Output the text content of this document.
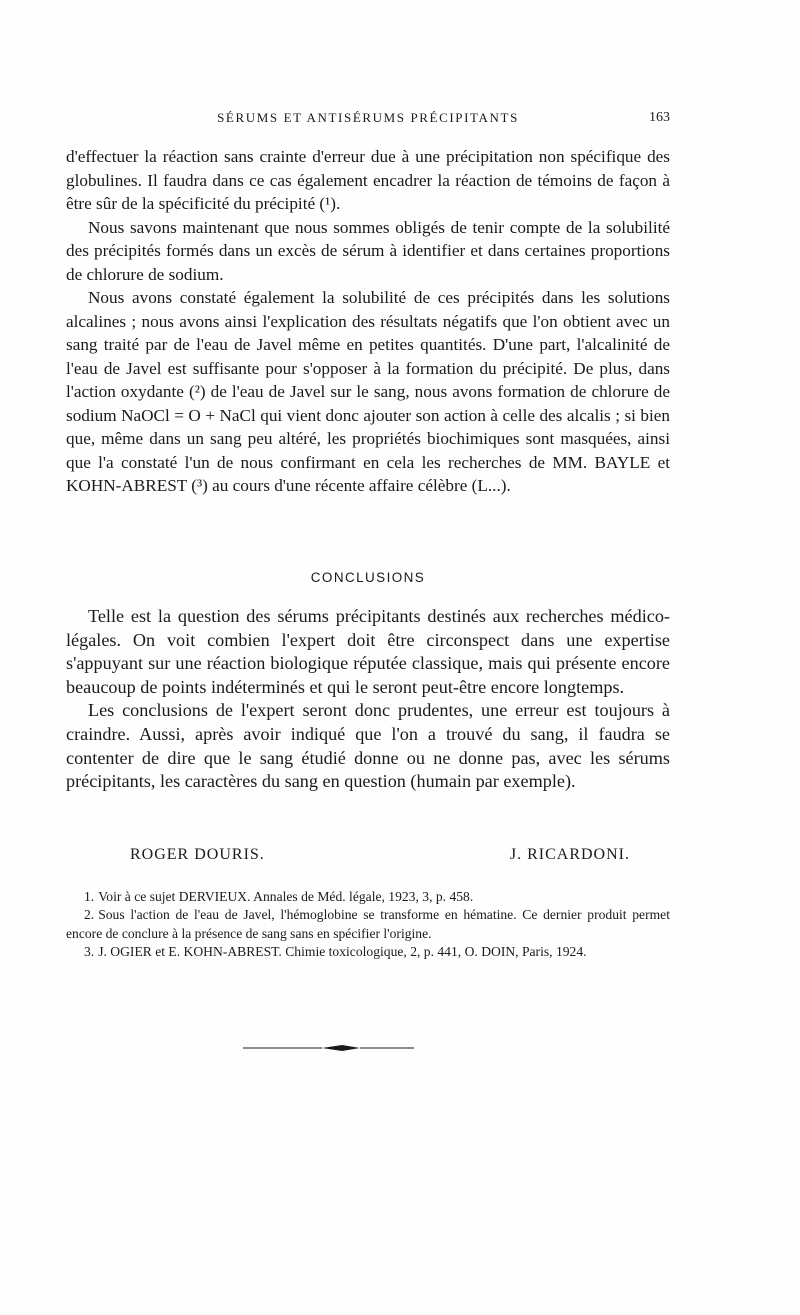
SÉRUMS ET ANTISÉRUMS PRÉCIPITANTS	163

d'effectuer la réaction sans crainte d'erreur due à une précipitation non spécifique des globulines. Il faudra dans ce cas également encadrer la réaction de témoins de façon à être sûr de la spécificité du précipité (¹).

Nous savons maintenant que nous sommes obligés de tenir compte de la solubilité des précipités formés dans un excès de sérum à identifier et dans certaines proportions de chlorure de sodium.

Nous avons constaté également la solubilité de ces précipités dans les solutions alcalines ; nous avons ainsi l'explication des résultats négatifs que l'on obtient avec un sang traité par de l'eau de Javel même en petites quantités. D'une part, l'alcalinité de l'eau de Javel est suffisante pour s'opposer à la formation du précipité. De plus, dans l'action oxydante (²) de l'eau de Javel sur le sang, nous avons formation de chlorure de sodium NaOCl = O + NaCl qui vient donc ajouter son action à celle des alcalis ; si bien que, même dans un sang peu altéré, les propriétés biochimiques sont masquées, ainsi que l'a constaté l'un de nous confirmant en cela les recherches de MM. BAYLE et KOHN-ABREST (³) au cours d'une récente affaire célèbre (L...).

CONCLUSIONS

Telle est la question des sérums précipitants destinés aux recherches médico-légales. On voit combien l'expert doit être circonspect dans une expertise s'appuyant sur une réaction biologique réputée classique, mais qui présente encore beaucoup de points indéterminés et qui le seront peut-être encore longtemps.

Les conclusions de l'expert seront donc prudentes, une erreur est toujours à craindre. Aussi, après avoir indiqué que l'on a trouvé du sang, il faudra se contenter de dire que le sang étudié donne ou ne donne pas, avec les sérums précipitants, les caractères du sang en question (humain par exemple).

ROGER DOURIS.	J. RICARDONI.

1. Voir à ce sujet DERVIEUX. Annales de Méd. légale, 1923, 3, p. 458.

2. Sous l'action de l'eau de Javel, l'hémoglobine se transforme en hématine. Ce dernier produit permet encore de conclure à la présence de sang sans en spécifier l'origine.

3. J. OGIER et E. KOHN-ABREST. Chimie toxicologique, 2, p. 441, O. DOIN, Paris, 1924.
